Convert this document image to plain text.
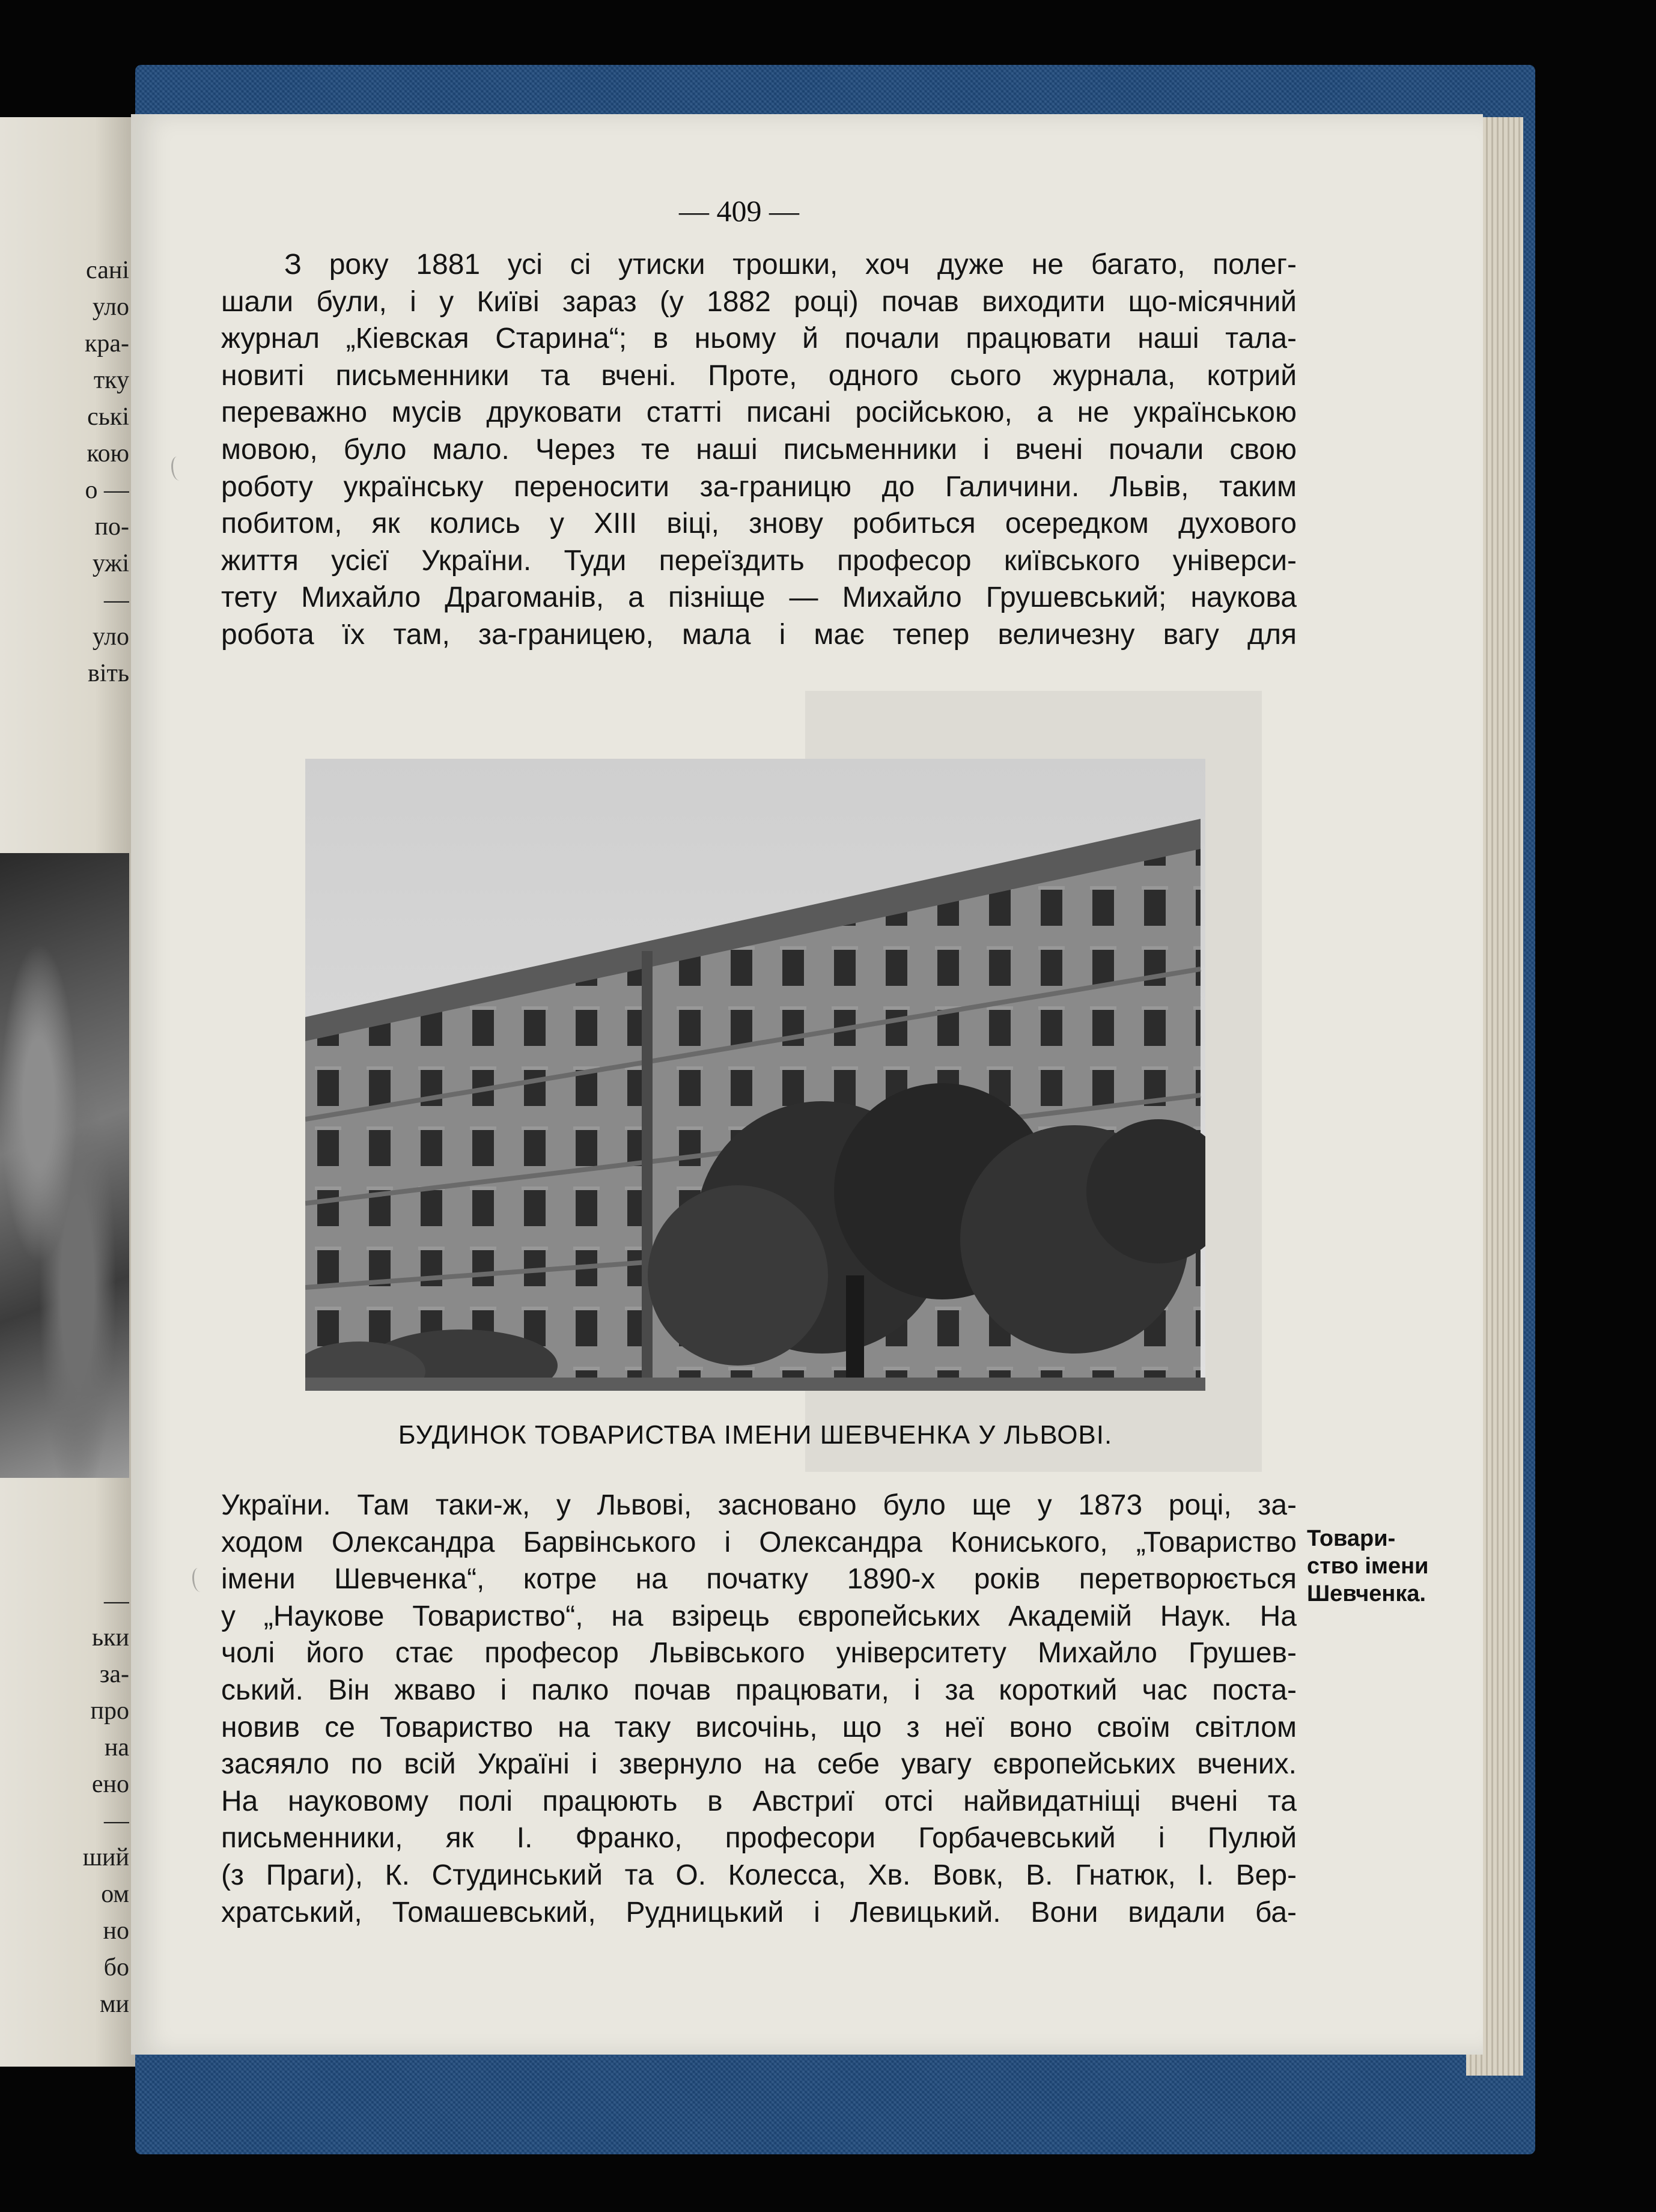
сані
уло
кра-
тку
ські
кою
о —
по-
ужі
—
уло
віть
—
ьки
за-
про
на
ено
—
ший
ом
но
бо
ми
— 409 —
З року 1881 усі сі утиски трошки, хоч дуже не багато, полег-
шали були, і у Київі зараз (у 1882 році) почав виходити що-місячний
журнал „Кіевская Старина“; в ньому й почали працювати наші тала-
новиті письменники та вчені. Проте, одного сього журнала, котрий
переважно мусів друковати статті писані російською, а не українською
мовою, було мало. Через те наші письменники і вчені почали свою
роботу українську переносити за-границю до Галичини. Львів, таким
побитом, як колись у XIII віці, знову робиться осередком духового
життя усієї України. Туди переїздить професор київського універси-
тету Михайло Драгоманів, а пізніще — Михайло Грушевський; наукова
робота їх там, за-границею, мала і має тепер величезну вагу для
БУДИНОК ТОВАРИСТВА ІМЕНИ ШЕВЧЕНКА У ЛЬВОВІ.
України. Там таки-ж, у Львові, засновано було ще у 1873 році, за-
ходом Олександра Барвінського і Олександра Кониського, „Товариство
імени Шевченка“, котре на початку 1890-х років перетворюється
у „Наукове Товариство“, на взірець європейських Академій Наук. На
чолі його стає професор Львівського університету Михайло Грушев-
ський. Він жваво і палко почав працювати, і за короткий час поста-
новив се Товариство на таку височінь, що з неї воно своїм світлом
засяяло по всій Україні і звернуло на себе увагу європейських вчених.
На науковому полі працюють в Австриї отсі найвидатніщі вчені та
письменники, як І. Франко, професори Горбачевський і Пулюй
(з Праги), К. Студинський та О. Колесса, Хв. Вовк, В. Гнатюк, І. Вер-
хратський, Томашевський, Рудницький і Левицький. Вони видали ба-
Товари-
ство імени
Шевченка.
